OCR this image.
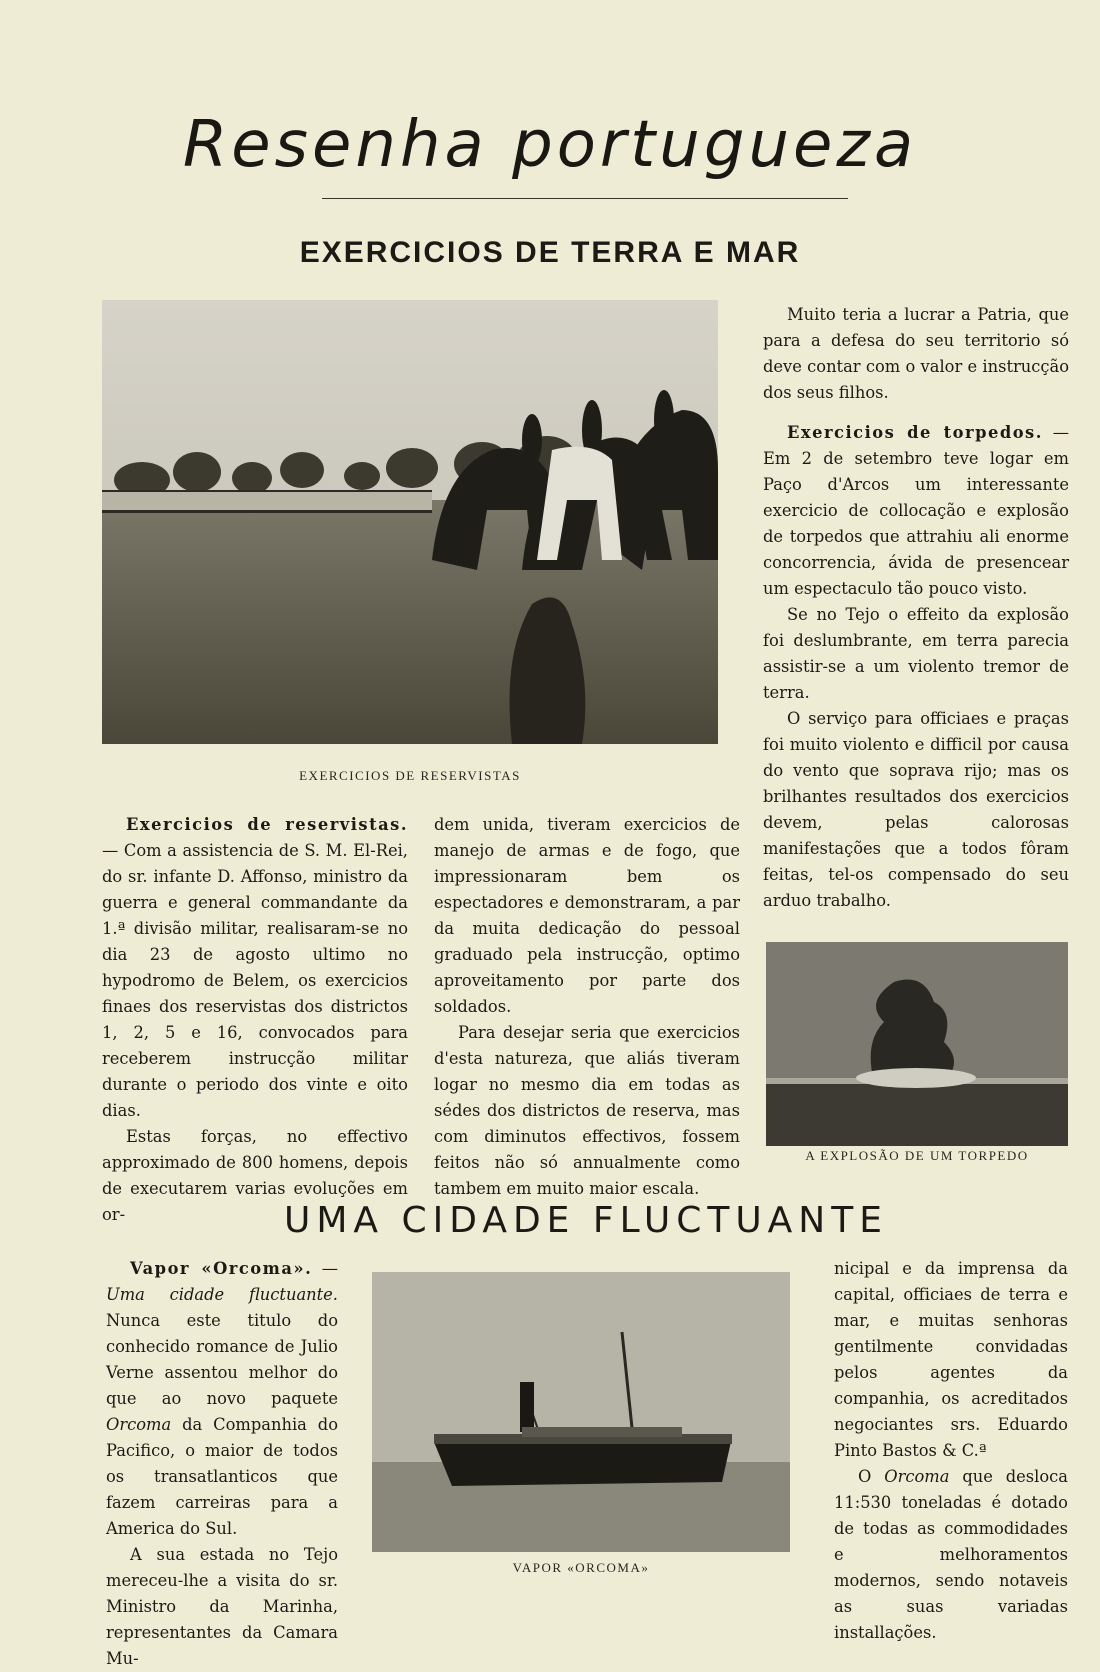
Resenha portugueza
EXERCICIOS DE TERRA E MAR
EXERCICIOS DE RESERVISTAS

Muito teria a lucrar a Patria, que para a defesa do seu territorio só deve contar com o valor e instrucção dos seus filhos.

Exercicios de torpedos. — Em 2 de setembro teve logar em Paço d'Arcos um interessante exercicio de collocação e explosão de torpedos que attrahiu ali enorme concorrencia, ávida de presencear um espectaculo tão pouco visto.

Se no Tejo o effeito da explosão foi deslumbrante, em terra parecia assistir-se a um violento tremor de terra.

O serviço para officiaes e praças foi muito violento e difficil por causa do vento que soprava rijo; mas os brilhantes resultados dos exercicios devem, pelas calorosas manifestações que a todos fôram feitas, tel-os compensado do seu arduo trabalho.

Exercicios de reservistas. — Com a assistencia de S. M. El-Rei, do sr. infante D. Affonso, ministro da guerra e general commandante da 1.ª divisão militar, realisaram-se no dia 23 de agosto ultimo no hypodromo de Belem, os exercicios finaes dos reservistas dos districtos 1, 2, 5 e 16, convocados para receberem instrucção militar durante o periodo dos vinte e oito dias.

Estas forças, no effectivo approximado de 800 homens, depois de executarem varias evoluções em or-

dem unida, tiveram exercicios de manejo de armas e de fogo, que impressionaram bem os espectadores e demonstraram, a par da muita dedicação do pessoal graduado pela instrucção, optimo aproveitamento por parte dos soldados.

Para desejar seria que exercicios d'esta natureza, que aliás tiveram logar no mesmo dia em todas as sédes dos districtos de reserva, mas com diminutos effectivos, fossem feitos não só annualmente como tambem em muito maior escala.

A EXPLOSÃO DE UM TORPEDO
UMA CIDADE FLUCTUANTE

Vapor «Orcoma». — Uma cidade fluctuante. Nunca este titulo do conhecido romance de Julio Verne assentou melhor do que ao novo paquete Orcoma da Companhia do Pacifico, o maior de todos os transatlanticos que fazem carreiras para a America do Sul.

A sua estada no Tejo mereceu-lhe a visita do sr. Ministro da Marinha, representantes da Camara Mu-

VAPOR «ORCOMA»

nicipal e da imprensa da capital, officiaes de terra e mar, e muitas senhoras gentilmente convidadas pelos agentes da companhia, os acreditados negociantes srs. Eduardo Pinto Bastos & C.ª

O Orcoma que desloca 11:530 toneladas é dotado de todas as commodidades e melhoramentos modernos, sendo notaveis as suas variadas installações.
